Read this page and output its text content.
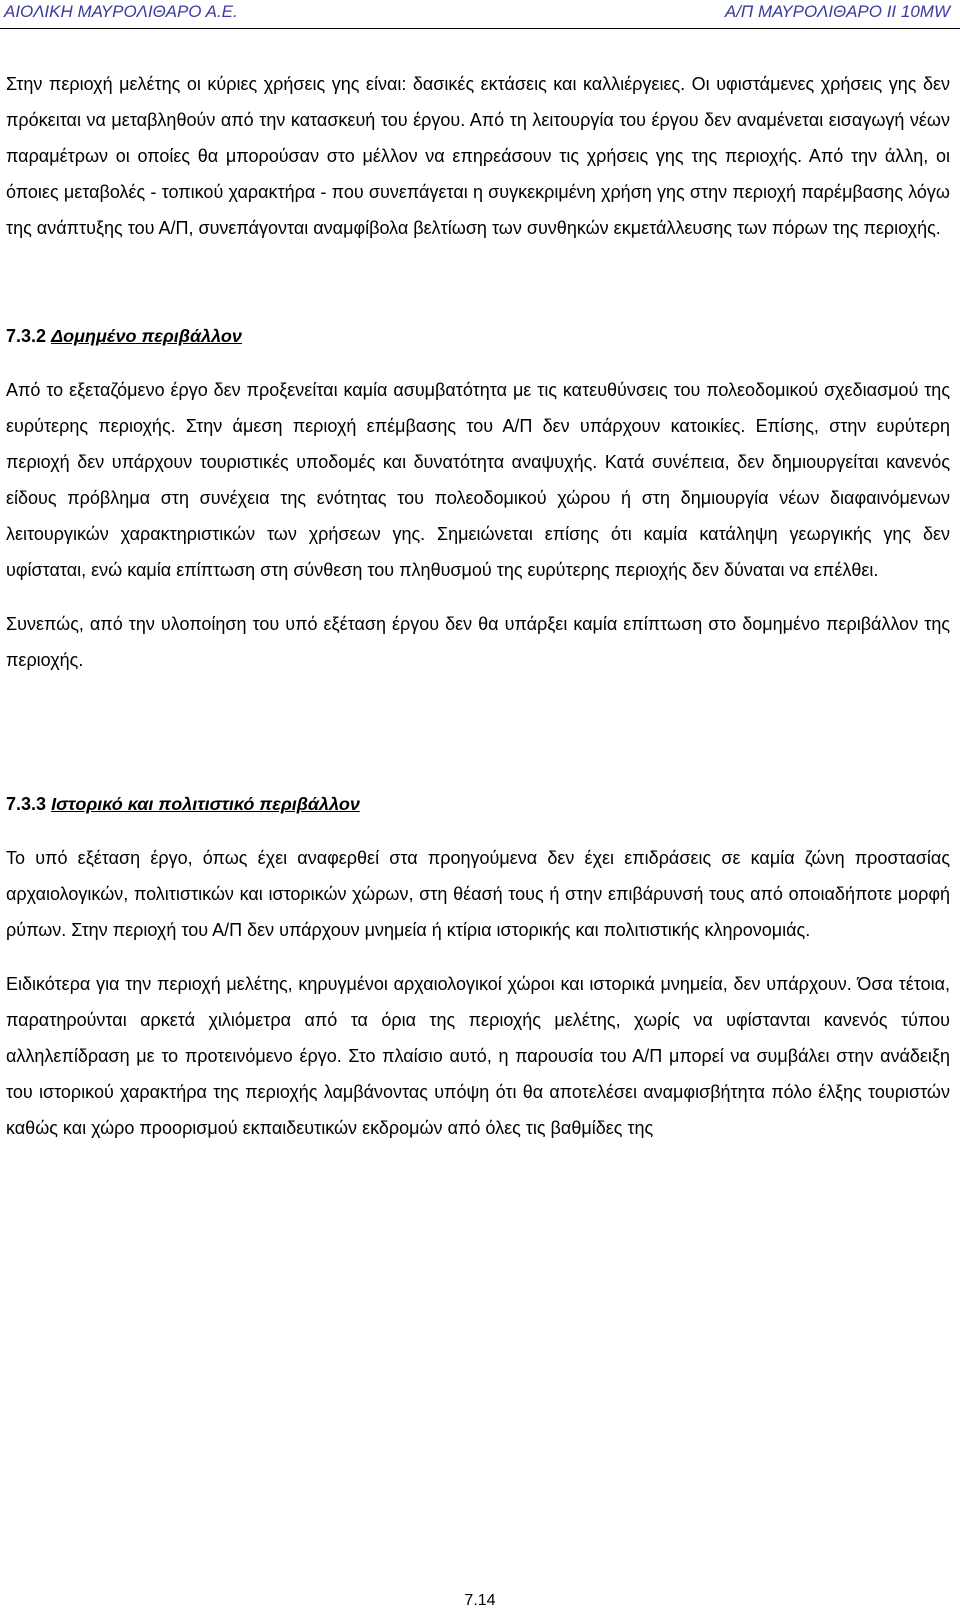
ΑΙΟΛΙΚΗ ΜΑΥΡΟΛΙΘΑΡΟ Α.Ε.	Α/Π ΜΑΥΡΟΛΙΘΑΡΟ ΙΙ 10MW

Στην περιοχή μελέτης οι κύριες χρήσεις γης είναι: δασικές εκτάσεις και καλλιέργειες. Οι υφιστάμενες χρήσεις γης δεν πρόκειται να μεταβληθούν από την κατασκευή του έργου. Από τη λειτουργία του έργου δεν αναμένεται εισαγωγή νέων παραμέτρων οι οποίες θα μπορούσαν στο μέλλον να επηρεάσουν τις χρήσεις γης της περιοχής. Από την άλλη, οι όποιες μεταβολές - τοπικού χαρακτήρα - που συνεπάγεται η συγκεκριμένη χρήση γης στην περιοχή παρέμβασης λόγω της ανάπτυξης του Α/Π, συνεπάγονται αναμφίβολα βελτίωση των συνθηκών εκμετάλλευσης των πόρων της περιοχής.

7.3.2 Δομημένο περιβάλλον

Από το εξεταζόμενο έργο δεν προξενείται καμία ασυμβατότητα με τις κατευθύνσεις του πολεοδομικού σχεδιασμού της ευρύτερης περιοχής. Στην άμεση περιοχή επέμβασης του Α/Π δεν υπάρχουν κατοικίες. Επίσης, στην ευρύτερη περιοχή δεν υπάρχουν τουριστικές υποδομές και δυνατότητα αναψυχής. Κατά συνέπεια, δεν δημιουργείται κανενός είδους πρόβλημα στη συνέχεια της ενότητας του πολεοδομικού χώρου ή στη δημιουργία νέων διαφαινόμενων λειτουργικών χαρακτηριστικών των χρήσεων γης. Σημειώνεται επίσης ότι καμία κατάληψη γεωργικής γης δεν υφίσταται, ενώ καμία επίπτωση στη σύνθεση του πληθυσμού της ευρύτερης περιοχής δεν δύναται να επέλθει.

Συνεπώς, από την υλοποίηση του υπό εξέταση έργου δεν θα υπάρξει καμία επίπτωση στο δομημένο περιβάλλον της περιοχής.

7.3.3 Ιστορικό και πολιτιστικό περιβάλλον

Το υπό εξέταση έργο, όπως έχει αναφερθεί στα προηγούμενα δεν έχει επιδράσεις σε καμία ζώνη προστασίας αρχαιολογικών, πολιτιστικών και ιστορικών χώρων, στη θέασή τους ή στην επιβάρυνσή τους από οποιαδήποτε μορφή ρύπων. Στην περιοχή του Α/Π δεν υπάρχουν μνημεία ή κτίρια ιστορικής και πολιτιστικής κληρονομιάς.

Ειδικότερα για την περιοχή μελέτης, κηρυγμένοι αρχαιολογικοί χώροι και ιστορικά μνημεία, δεν υπάρχουν. Όσα τέτοια, παρατηρούνται αρκετά χιλιόμετρα από τα όρια της περιοχής μελέτης, χωρίς να υφίστανται κανενός τύπου αλληλεπίδραση με το προτεινόμενο έργο. Στο πλαίσιο αυτό, η παρουσία του Α/Π μπορεί να συμβάλει στην ανάδειξη του ιστορικού χαρακτήρα της περιοχής λαμβάνοντας υπόψη ότι θα αποτελέσει αναμφισβήτητα πόλο έλξης τουριστών καθώς και χώρο προορισμού εκπαιδευτικών εκδρομών από όλες τις βαθμίδες της

7.14
